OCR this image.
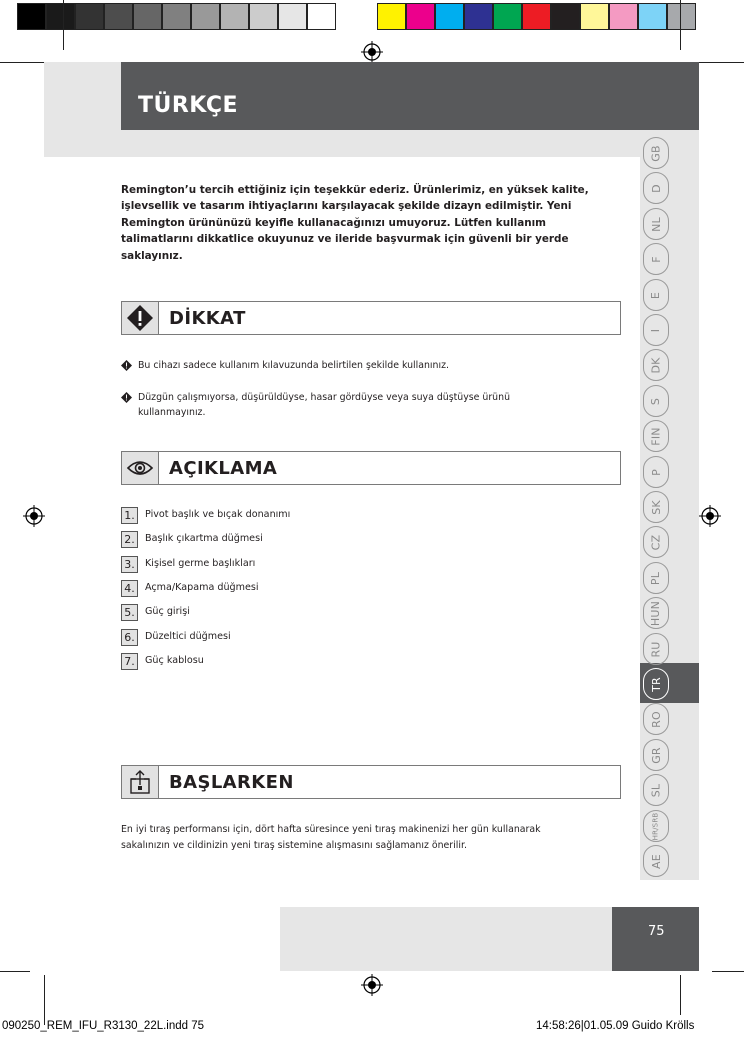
TÜRKÇE
GB
D
NL
F
E
I
DK
S
FIN
P
SK
CZ
PL
HUN
RU
TR
RO
GR
SL
HR/SRB
AE
Remington’u tercih ettiğiniz için teşekkür ederiz. Ürünlerimiz, en yüksek kalite, işlevsellik ve tasarım ihtiyaçlarını karşılayacak şekilde dizayn edilmiştir. Yeni Remington ürününüzü keyifle kullanacağınızı umuyoruz. Lütfen kullanım talimatlarını dikkatlice okuyunuz ve ileride başvurmak için güvenli bir yerde saklayınız.
DİKKAT
Bu cihazı sadece kullanım kılavuzunda belirtilen şekilde kullanınız.
Düzgün çalışmıyorsa, düşürüldüyse, hasar gördüyse veya suya düştüyse ürünü kullanmayınız.
AÇIKLAMA
1.	Pivot başlık ve bıçak donanımı
2.	Başlık çıkartma düğmesi
3.	Kişisel germe başlıkları
4.	Açma/Kapama düğmesi
5.	Güç girişi
6.	Düzeltici düğmesi
7.	Güç kablosu
BAŞLARKEN
En iyi tıraş performansı için, dört hafta süresince yeni tıraş makinenizi her gün kullanarak sakalınızın ve cildinizin yeni tıraş sistemine alışmasını sağlamanız önerilir.
75
090250_REM_IFU_R3130_22L.indd 75	14:58:26|01.05.09 Guido Krölls
